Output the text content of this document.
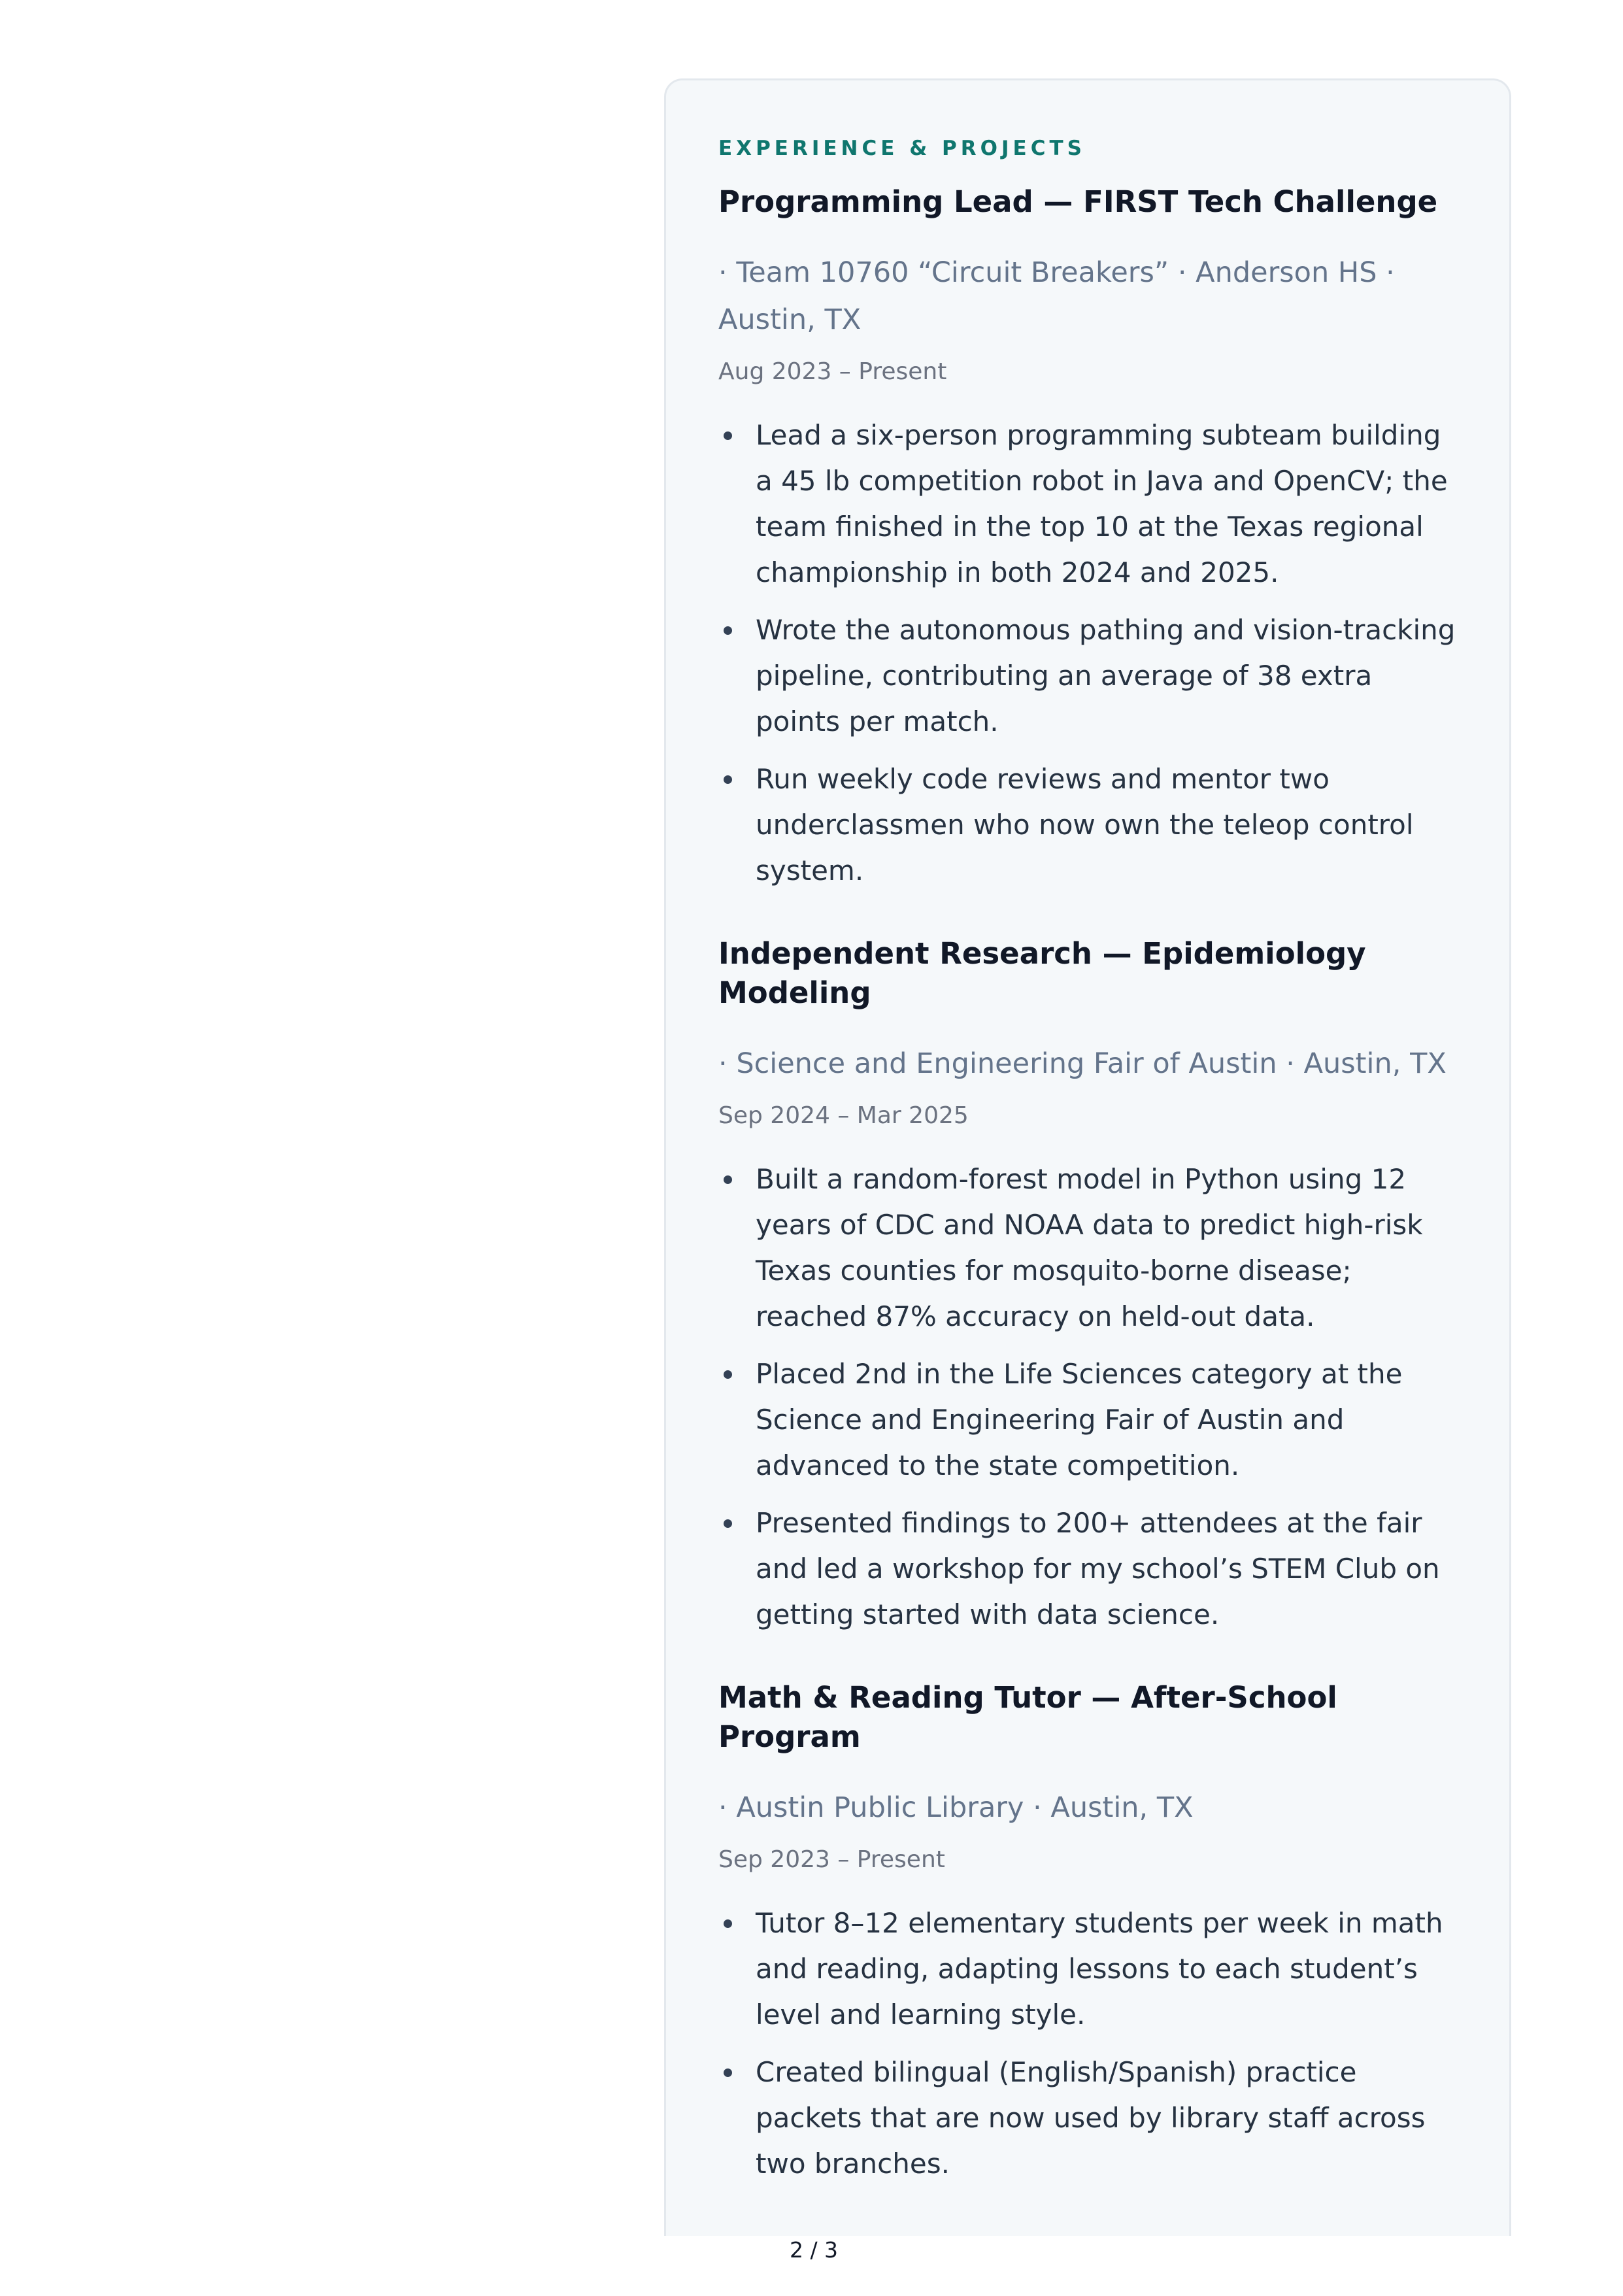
EXPERIENCE & PROJECTS
Programming Lead — FIRST Tech Challenge
· Team 10760 “Circuit Breakers” · Anderson HS · Austin, TX
Aug 2023 – Present
Lead a six-person programming subteam building a 45 lb competition robot in Java and OpenCV; the team finished in the top 10 at the Texas regional championship in both 2024 and 2025.
Wrote the autonomous pathing and vision-tracking pipeline, contributing an average of 38 extra points per match.
Run weekly code reviews and mentor two underclassmen who now own the teleop control system.
Independent Research — Epidemiology Modeling
· Science and Engineering Fair of Austin · Austin, TX
Sep 2024 – Mar 2025
Built a random-forest model in Python using 12 years of CDC and NOAA data to predict high-risk Texas counties for mosquito-borne disease; reached 87% accuracy on held-out data.
Placed 2nd in the Life Sciences category at the Science and Engineering Fair of Austin and advanced to the state competition.
Presented findings to 200+ attendees at the fair and led a workshop for my school’s STEM Club on getting started with data science.
Math & Reading Tutor — After-School Program
· Austin Public Library · Austin, TX
Sep 2023 – Present
Tutor 8–12 elementary students per week in math and reading, adapting lessons to each student’s level and learning style.
Created bilingual (English/Spanish) practice packets that are now used by library staff across two branches.
2 / 3
